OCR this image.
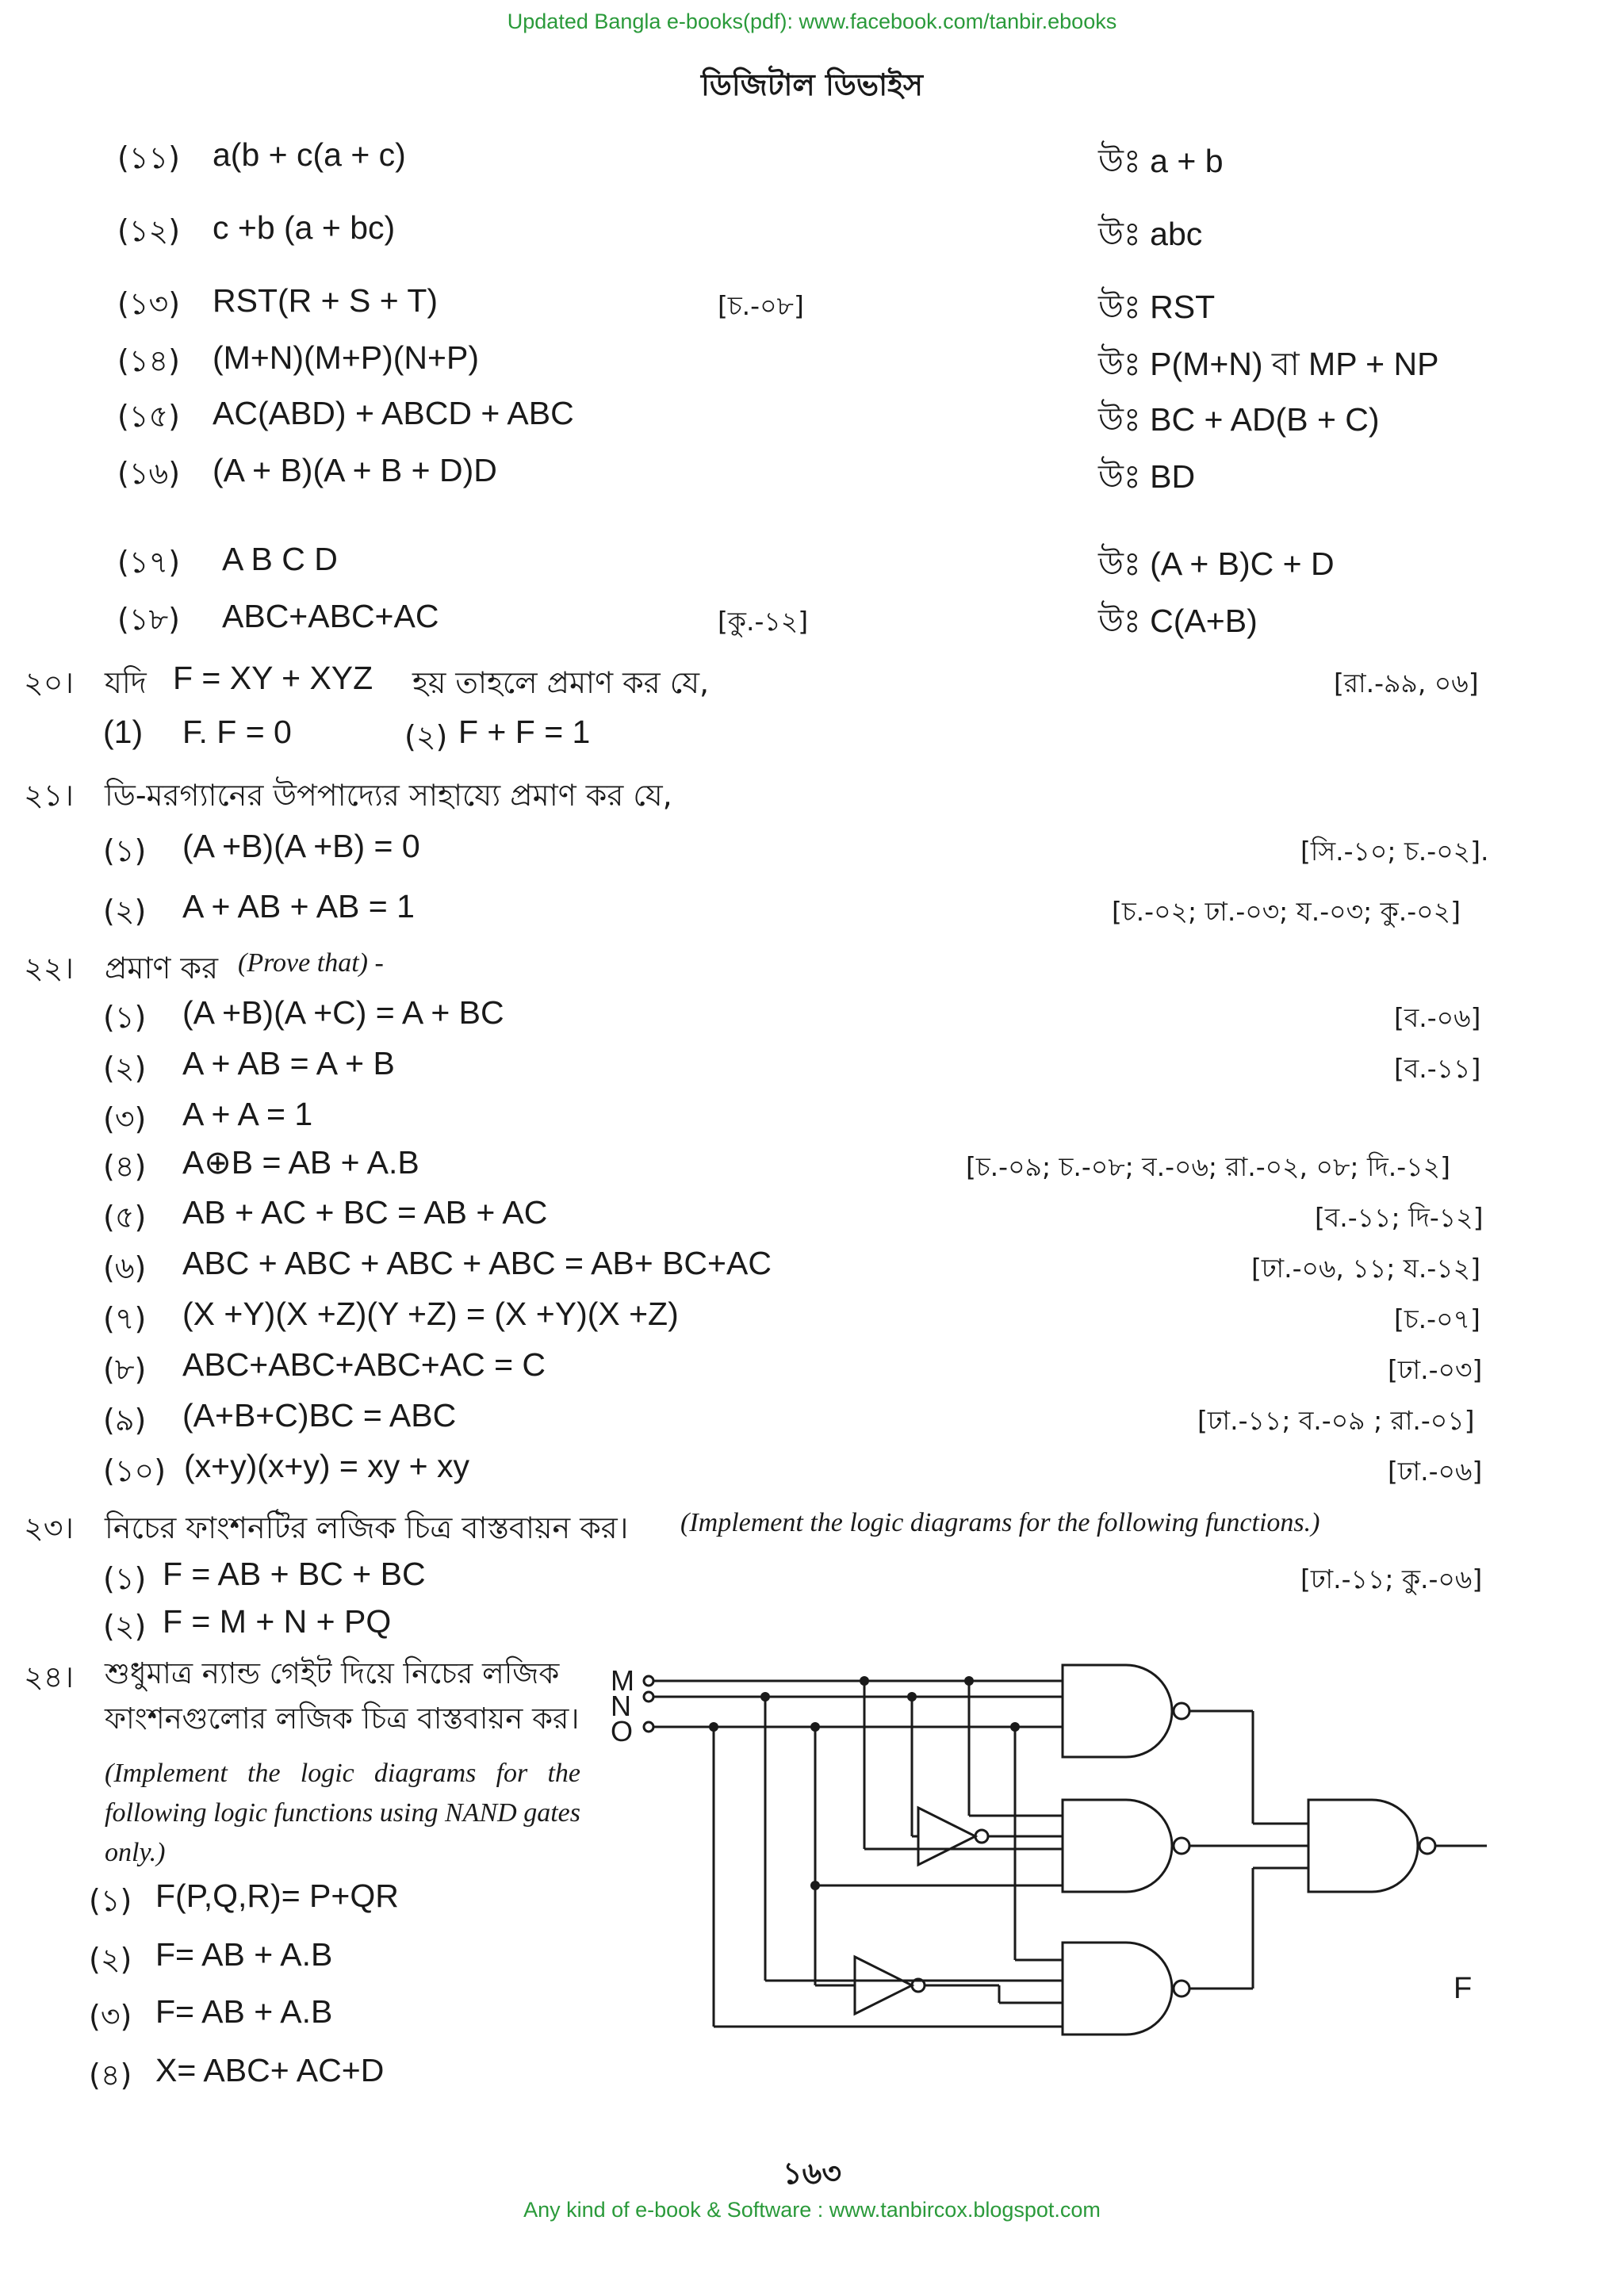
Updated Bangla e-books(pdf): www.facebook.com/tanbir.ebooks
ডিজিটাল ডিভাইস
(১১) a(b + c(a + c)	উঃ a + b
(১২) c +b (a + bc)	উঃ abc
(১৩) RST(R + S + T)	[চ.-০৮]	উঃ RST
(১৪) (M+N)(M+P)(N+P)	উঃ P(M+N) বা MP + NP
(১৫) AC(ABD) + ABCD + ABC	উঃ BC + AD(B + C)
(১৬) (A + B)(A + B + D)D	উঃ BD
(১৭) A B C D	উঃ (A + B)C + D
(১৮) ABC+ABC+AC	[কু.-১২]	উঃ C(A+B)
২০। যদি F = XY + XYZ হয় তাহলে প্রমাণ কর যে,	[রা.-৯৯, ০৬]
(1) F. F = 0	(২) F + F = 1
২১। ডি-মরগ্যানের উপপাদ্যের সাহায্যে প্রমাণ কর যে,
(১) (A +B)(A +B) = 0	[সি.-১০; চ.-০২].
(২) A + AB + AB = 1	[চ.-০২; ঢা.-০৩; য.-০৩; কু.-০২]
২২। প্রমাণ কর (Prove that) -
(১) (A +B)(A +C) = A + BC	[ব.-০৬]
(২) A + AB = A + B	[ব.-১১]
(৩) A + A = 1
(৪) A⊕B = AB + A.B	[চ.-০৯; চ.-০৮; ব.-০৬; রা.-০২, ০৮; দি.-১২]
(৫) AB + AC + BC = AB + AC	[ব.-১১; দি-১২]
(৬) ABC + ABC + ABC + ABC = AB+ BC+AC	[ঢা.-০৬, ১১; য.-১২]
(৭) (X +Y)(X +Z)(Y +Z) = (X +Y)(X +Z)	[চ.-০৭]
(৮) ABC+ABC+ABC+AC = C	[ঢা.-০৩]
(৯) (A+B+C)BC = ABC	[ঢা.-১১; ব.-০৯ ; রা.-০১]
(১০) (x+y)(x+y) = xy + xy	[ঢা.-০৬]
২৩। নিচের ফাংশনটির লজিক চিত্র বাস্তবায়ন কর। (Implement the logic diagrams for the following functions.)
(১) F = AB + BC + BC	[ঢা.-১১; কু.-০৬]
(২) F = M + N + PQ
২৪। শুধুমাত্র ন্যান্ড গেইট দিয়ে নিচের লজিক ফাংশনগুলোর লজিক চিত্র বাস্তবায়ন কর।
(Implement the logic diagrams for the following logic functions using NAND gates only.)
(১) F(P,Q,R)= P+QR
(২) F= AB + A.B
(৩) F= AB + A.B
(৪) X= ABC+ AC+D
M
N
O
F
১৬৩
Any kind of e-book & Software : www.tanbircox.blogspot.com
